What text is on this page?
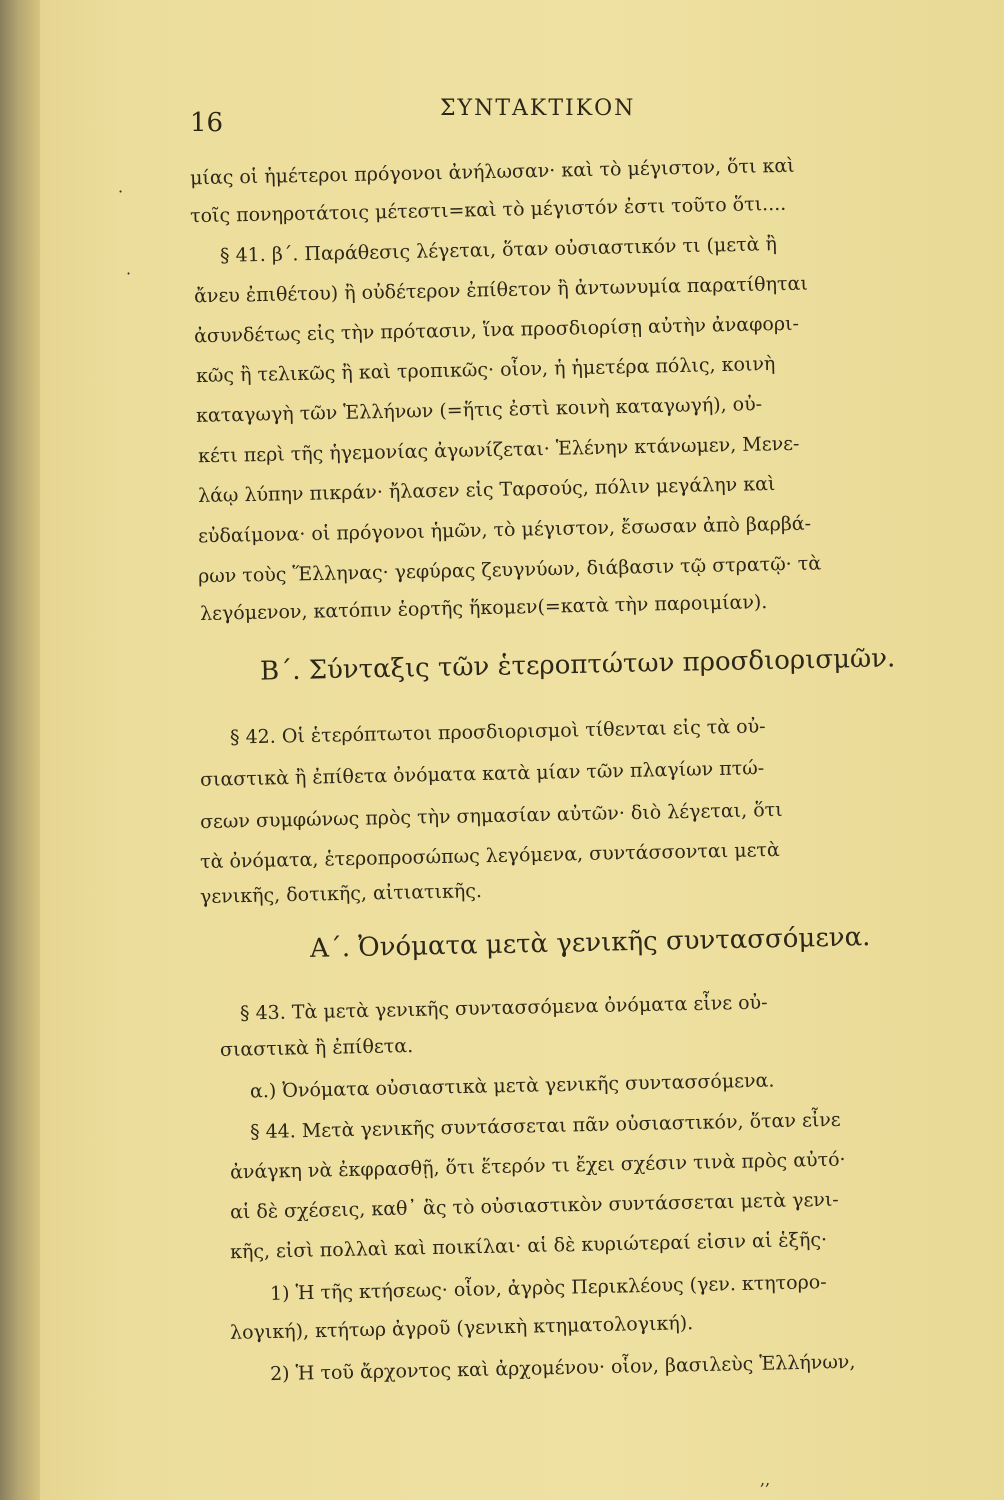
16	ΣΥΝΤΑΚΤΙΚΟΝ
μίας οἱ ἡμέτεροι πρόγονοι ἀνήλωσαν· καὶ τὸ μέγιστον, ὅτι καὶ
τοῖς πονηροτάτοις μέτεστι=καὶ τὸ μέγιστόν ἐστι τοῦτο ὅτι....
§ 41. β΄. Παράθεσις λέγεται, ὅταν οὐσιαστικόν τι (μετὰ ἢ
ἄνευ ἐπιθέτου) ἢ οὐδέτερον ἐπίθετον ἢ ἀντωνυμία παρατίθηται
ἀσυνδέτως εἰς τὴν πρότασιν, ἵνα προσδιορίσῃ αὐτὴν ἀναφορι-
κῶς ἢ τελικῶς ἢ καὶ τροπικῶς· οἷον, ἡ ἡμετέρα πόλις, κοινὴ
καταγωγὴ τῶν Ἑλλήνων (=ἥτις ἐστὶ κοινὴ καταγωγή), οὐ-
κέτι περὶ τῆς ἡγεμονίας ἀγωνίζεται· Ἑλένην κτάνωμεν, Μενε-
λάῳ λύπην πικράν· ἤλασεν εἰς Ταρσούς, πόλιν μεγάλην καὶ
εὐδαίμονα· οἱ πρόγονοι ἡμῶν, τὸ μέγιστον, ἔσωσαν ἀπὸ βαρβά-
ρων τοὺς Ἕλληνας· γεφύρας ζευγνύων, διάβασιν τῷ στρατῷ· τὰ
λεγόμενον, κατόπιν ἑορτῆς ἥκομεν(=κατὰ τὴν παροιμίαν).
Β΄. Σύνταξις τῶν ἑτεροπτώτων προσδιορισμῶν.
§ 42. Οἱ ἑτερόπτωτοι προσδιορισμοὶ τίθενται εἰς τὰ οὐ-
σιαστικὰ ἢ ἐπίθετα ὀνόματα κατὰ μίαν τῶν πλαγίων πτώ-
σεων συμφώνως πρὸς τὴν σημασίαν αὐτῶν· διὸ λέγεται, ὅτι
τὰ ὀνόματα, ἑτεροπροσώπως λεγόμενα, συντάσσονται μετὰ
γενικῆς, δοτικῆς, αἰτιατικῆς.
Α΄. Ὀνόματα μετὰ γενικῆς συντασσόμενα.
§ 43. Τὰ μετὰ γενικῆς συντασσόμενα ὀνόματα εἶνε οὐ-
σιαστικὰ ἢ ἐπίθετα.
α.) Ὀνόματα οὐσιαστικὰ μετὰ γενικῆς συντασσόμενα.
§ 44. Μετὰ γενικῆς συντάσσεται πᾶν οὐσιαστικόν, ὅταν εἶνε
ἀνάγκη νὰ ἐκφρασθῇ, ὅτι ἕτερόν τι ἔχει σχέσιν τινὰ πρὸς αὐτό·
αἱ δὲ σχέσεις, καθ᾽ ἃς τὸ οὐσιαστικὸν συντάσσεται μετὰ γενι-
κῆς, εἰσὶ πολλαὶ καὶ ποικίλαι· αἱ δὲ κυριώτεραί εἰσιν αἱ ἑξῆς·
1) Ἡ τῆς κτήσεως· οἷον, ἀγρὸς Περικλέους (γεν. κτητορο-
λογική), κτήτωρ ἀγροῦ (γενικὴ κτηματολογική).
2) Ἡ τοῦ ἄρχοντος καὶ ἀρχομένου· οἷον, βασιλεὺς Ἑλλήνων,
·
·
,,
